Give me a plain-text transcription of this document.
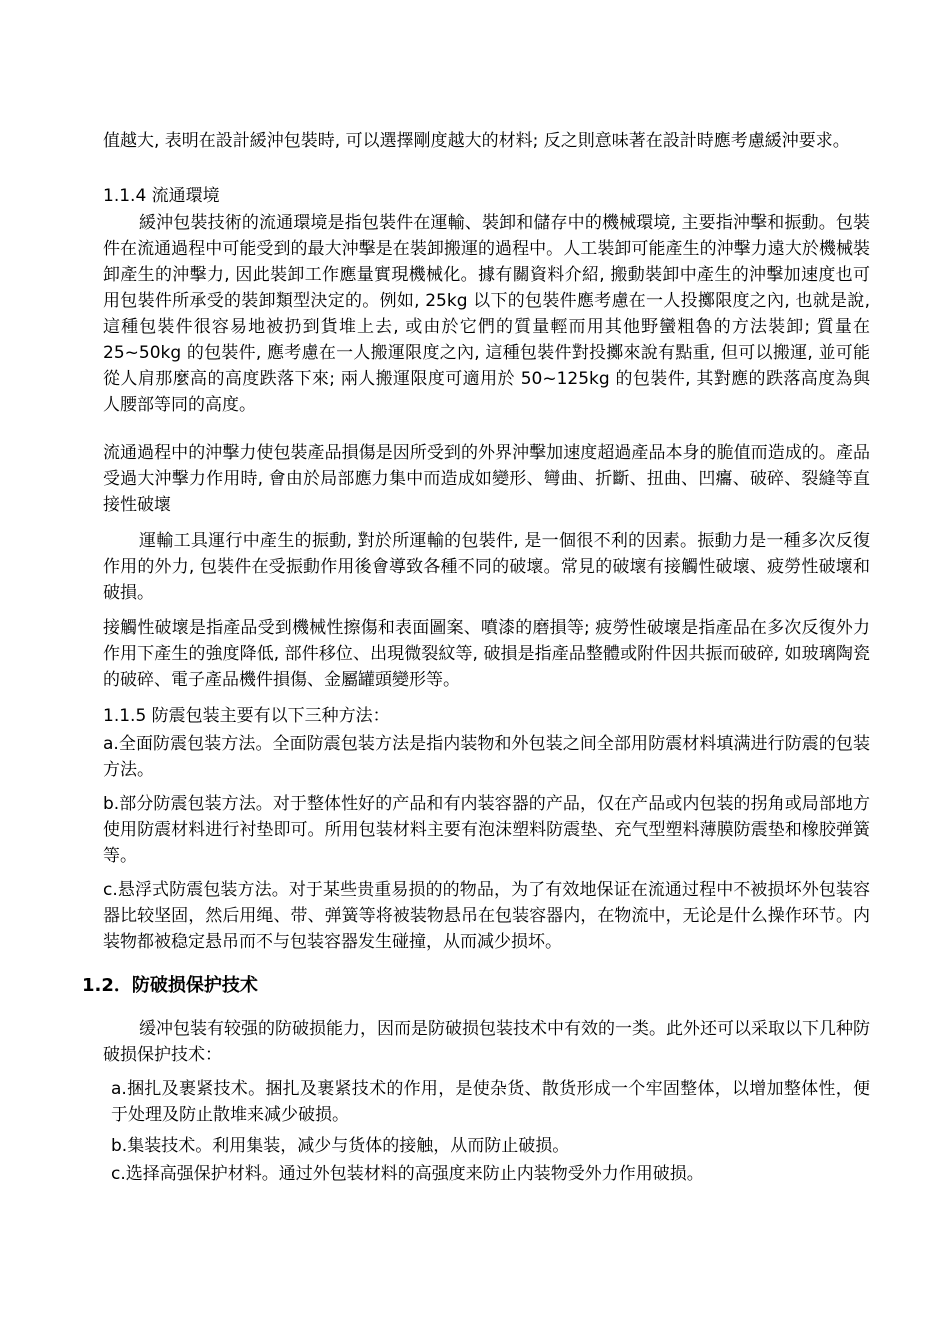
值越大, 表明在設計緩沖包裝時, 可以選擇剛度越大的材料; 反之則意味著在設計時應考慮緩沖要求。

1.1.4 流通環境

緩沖包裝技術的流通環境是指包裝件在運輸、裝卸和儲存中的機械環境, 主要指沖擊和振動。包裝件在流通過程中可能受到的最大沖擊是在裝卸搬運的過程中。人工裝卸可能產生的沖擊力遠大於機械裝卸產生的沖擊力, 因此裝卸工作應量實現機械化。據有關資料介紹, 搬動裝卸中產生的沖擊加速度也可用包裝件所承受的裝卸類型決定的。例如, 25kg 以下的包裝件應考慮在一人投擲限度之內, 也就是說, 這種包裝件很容易地被扔到貨堆上去, 或由於它們的質量輕而用其他野蠻粗魯的方法裝卸; 質量在 25~50kg 的包裝件, 應考慮在一人搬運限度之內, 這種包裝件對投擲來說有點重, 但可以搬運, 並可能從人肩那麼高的高度跌落下來; 兩人搬運限度可適用於 50~125kg 的包裝件, 其對應的跌落高度為與人腰部等同的高度。

流通過程中的沖擊力使包裝產品損傷是因所受到的外界沖擊加速度超過產品本身的脆值而造成的。產品受過大沖擊力作用時, 會由於局部應力集中而造成如變形、彎曲、折斷、扭曲、凹癟、破碎、裂縫等直接性破壞

運輸工具運行中產生的振動, 對於所運輸的包裝件, 是一個很不利的因素。振動力是一種多次反復作用的外力, 包裝件在受振動作用後會導致各種不同的破壞。常見的破壞有接觸性破壞、疲勞性破壞和破損。

接觸性破壞是指產品受到機械性擦傷和表面圖案、噴漆的磨損等; 疲勞性破壞是指產品在多次反復外力作用下產生的強度降低, 部件移位、出現微裂紋等, 破損是指產品整體或附件因共振而破碎, 如玻璃陶瓷的破碎、電子產品機件損傷、金屬罐頭變形等。

1.1.5 防震包装主要有以下三种方法：

a.全面防震包装方法。全面防震包装方法是指内装物和外包装之间全部用防震材料填满进行防震的包装方法。

b.部分防震包装方法。对于整体性好的产品和有内装容器的产品，仅在产品或内包装的拐角或局部地方使用防震材料进行衬垫即可。所用包装材料主要有泡沫塑料防震垫、充气型塑料薄膜防震垫和橡胶弹簧等。

c.悬浮式防震包装方法。对于某些贵重易损的的物品，为了有效地保证在流通过程中不被损坏外包装容器比较坚固，然后用绳、带、弹簧等将被装物悬吊在包装容器内，在物流中，无论是什么操作环节。内装物都被稳定悬吊而不与包装容器发生碰撞，从而减少损坏。

1.2．防破损保护技术

缓冲包装有较强的防破损能力，因而是防破损包装技术中有效的一类。此外还可以采取以下几种防破损保护技术：

a.捆扎及裹紧技术。捆扎及裹紧技术的作用，是使杂货、散货形成一个牢固整体，以增加整体性，便于处理及防止散堆来减少破损。

b.集装技术。利用集装，减少与货体的接触，从而防止破损。

c.选择高强保护材料。通过外包装材料的高强度来防止内装物受外力作用破损。
